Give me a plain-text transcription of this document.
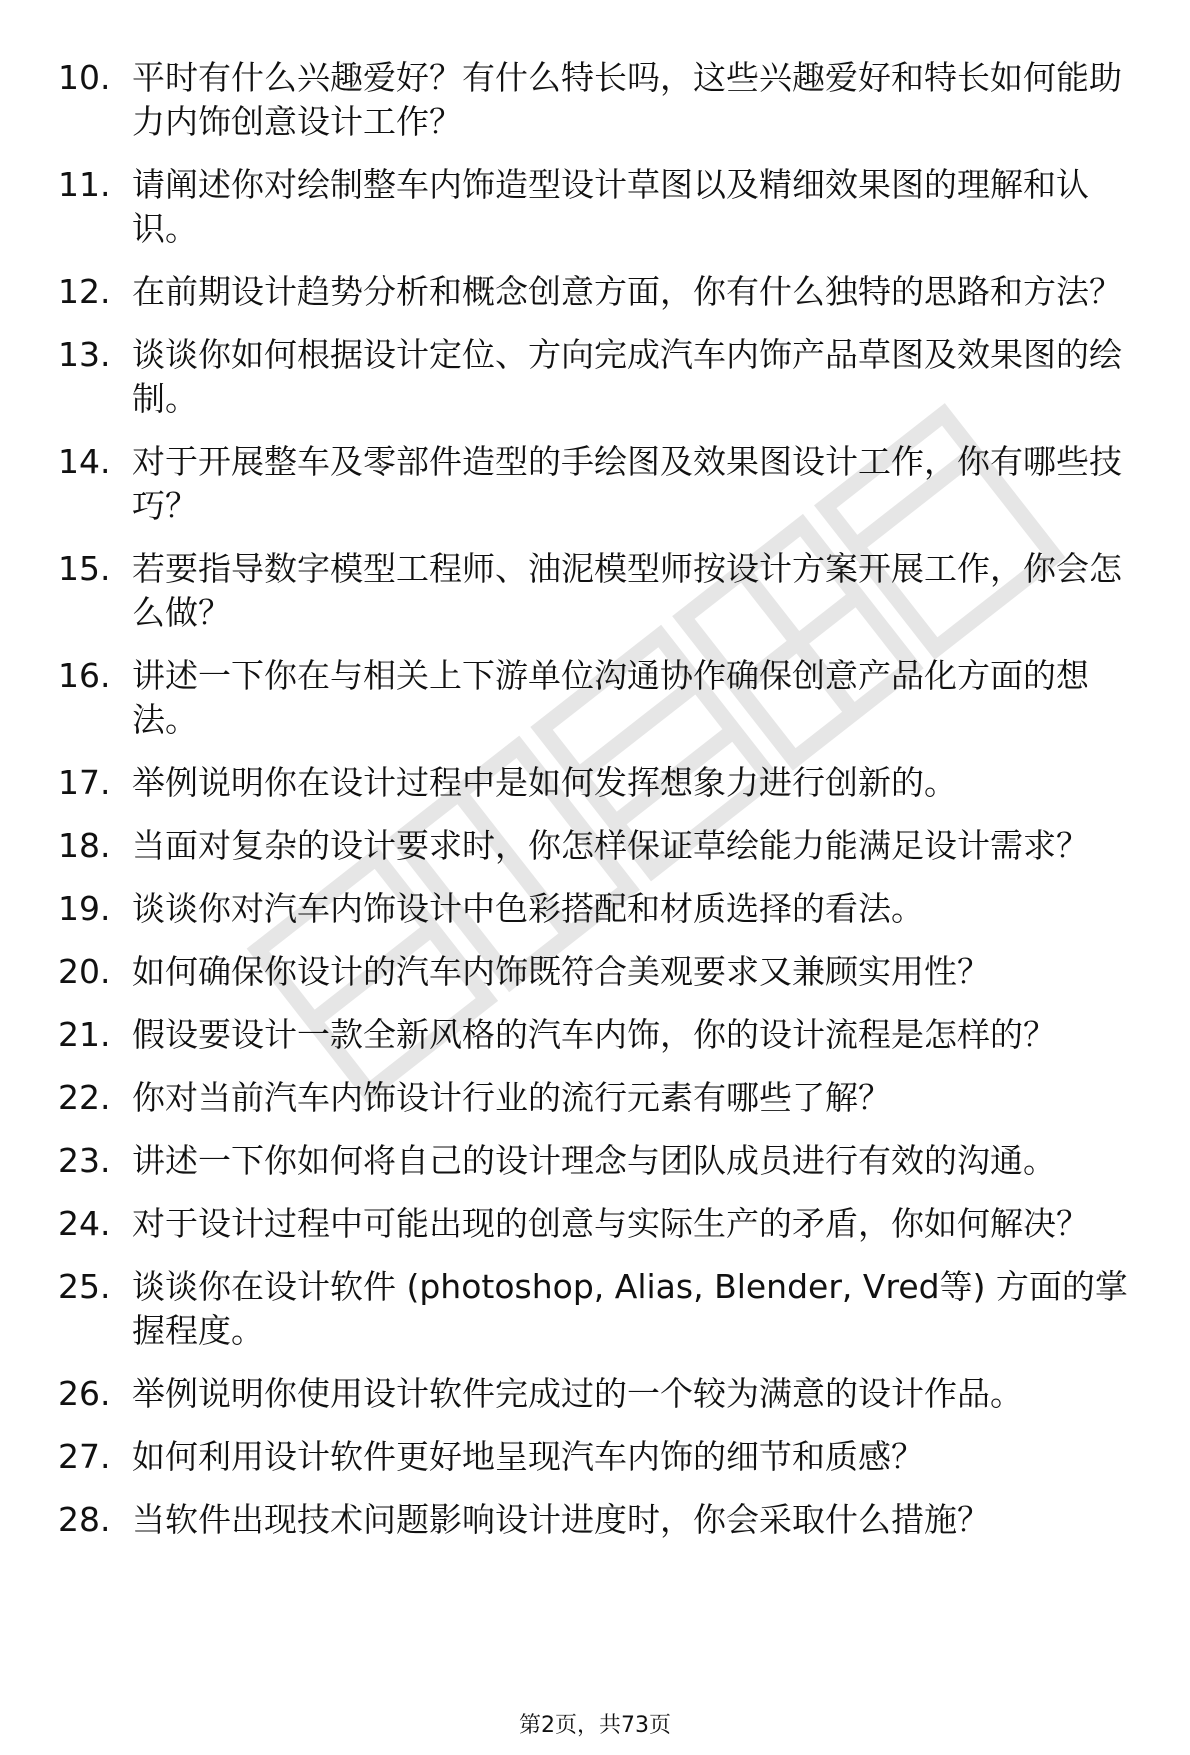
10. 平时有什么兴趣爱好？有什么特长吗，这些兴趣爱好和特长如何能助力内饰创意设计工作？
11. 请阐述你对绘制整车内饰造型设计草图以及精细效果图的理解和认识。
12. 在前期设计趋势分析和概念创意方面，你有什么独特的思路和方法？
13. 谈谈你如何根据设计定位、方向完成汽车内饰产品草图及效果图的绘制。
14. 对于开展整车及零部件造型的手绘图及效果图设计工作，你有哪些技巧？
15. 若要指导数字模型工程师、油泥模型师按设计方案开展工作，你会怎么做？
16. 讲述一下你在与相关上下游单位沟通协作确保创意产品化方面的想法。
17. 举例说明你在设计过程中是如何发挥想象力进行创新的。
18. 当面对复杂的设计要求时，你怎样保证草绘能力能满足设计需求？
19. 谈谈你对汽车内饰设计中色彩搭配和材质选择的看法。
20. 如何确保你设计的汽车内饰既符合美观要求又兼顾实用性？
21. 假设要设计一款全新风格的汽车内饰，你的设计流程是怎样的？
22. 你对当前汽车内饰设计行业的流行元素有哪些了解？
23. 讲述一下你如何将自己的设计理念与团队成员进行有效的沟通。
24. 对于设计过程中可能出现的创意与实际生产的矛盾，你如何解决？
25. 谈谈你在设计软件 (photoshop, Alias, Blender, Vred等) 方面的掌握程度。
26. 举例说明你使用设计软件完成过的一个较为满意的设计作品。
27. 如何利用设计软件更好地呈现汽车内饰的细节和质感？
28. 当软件出现技术问题影响设计进度时，你会采取什么措施？
第2页，共73页
